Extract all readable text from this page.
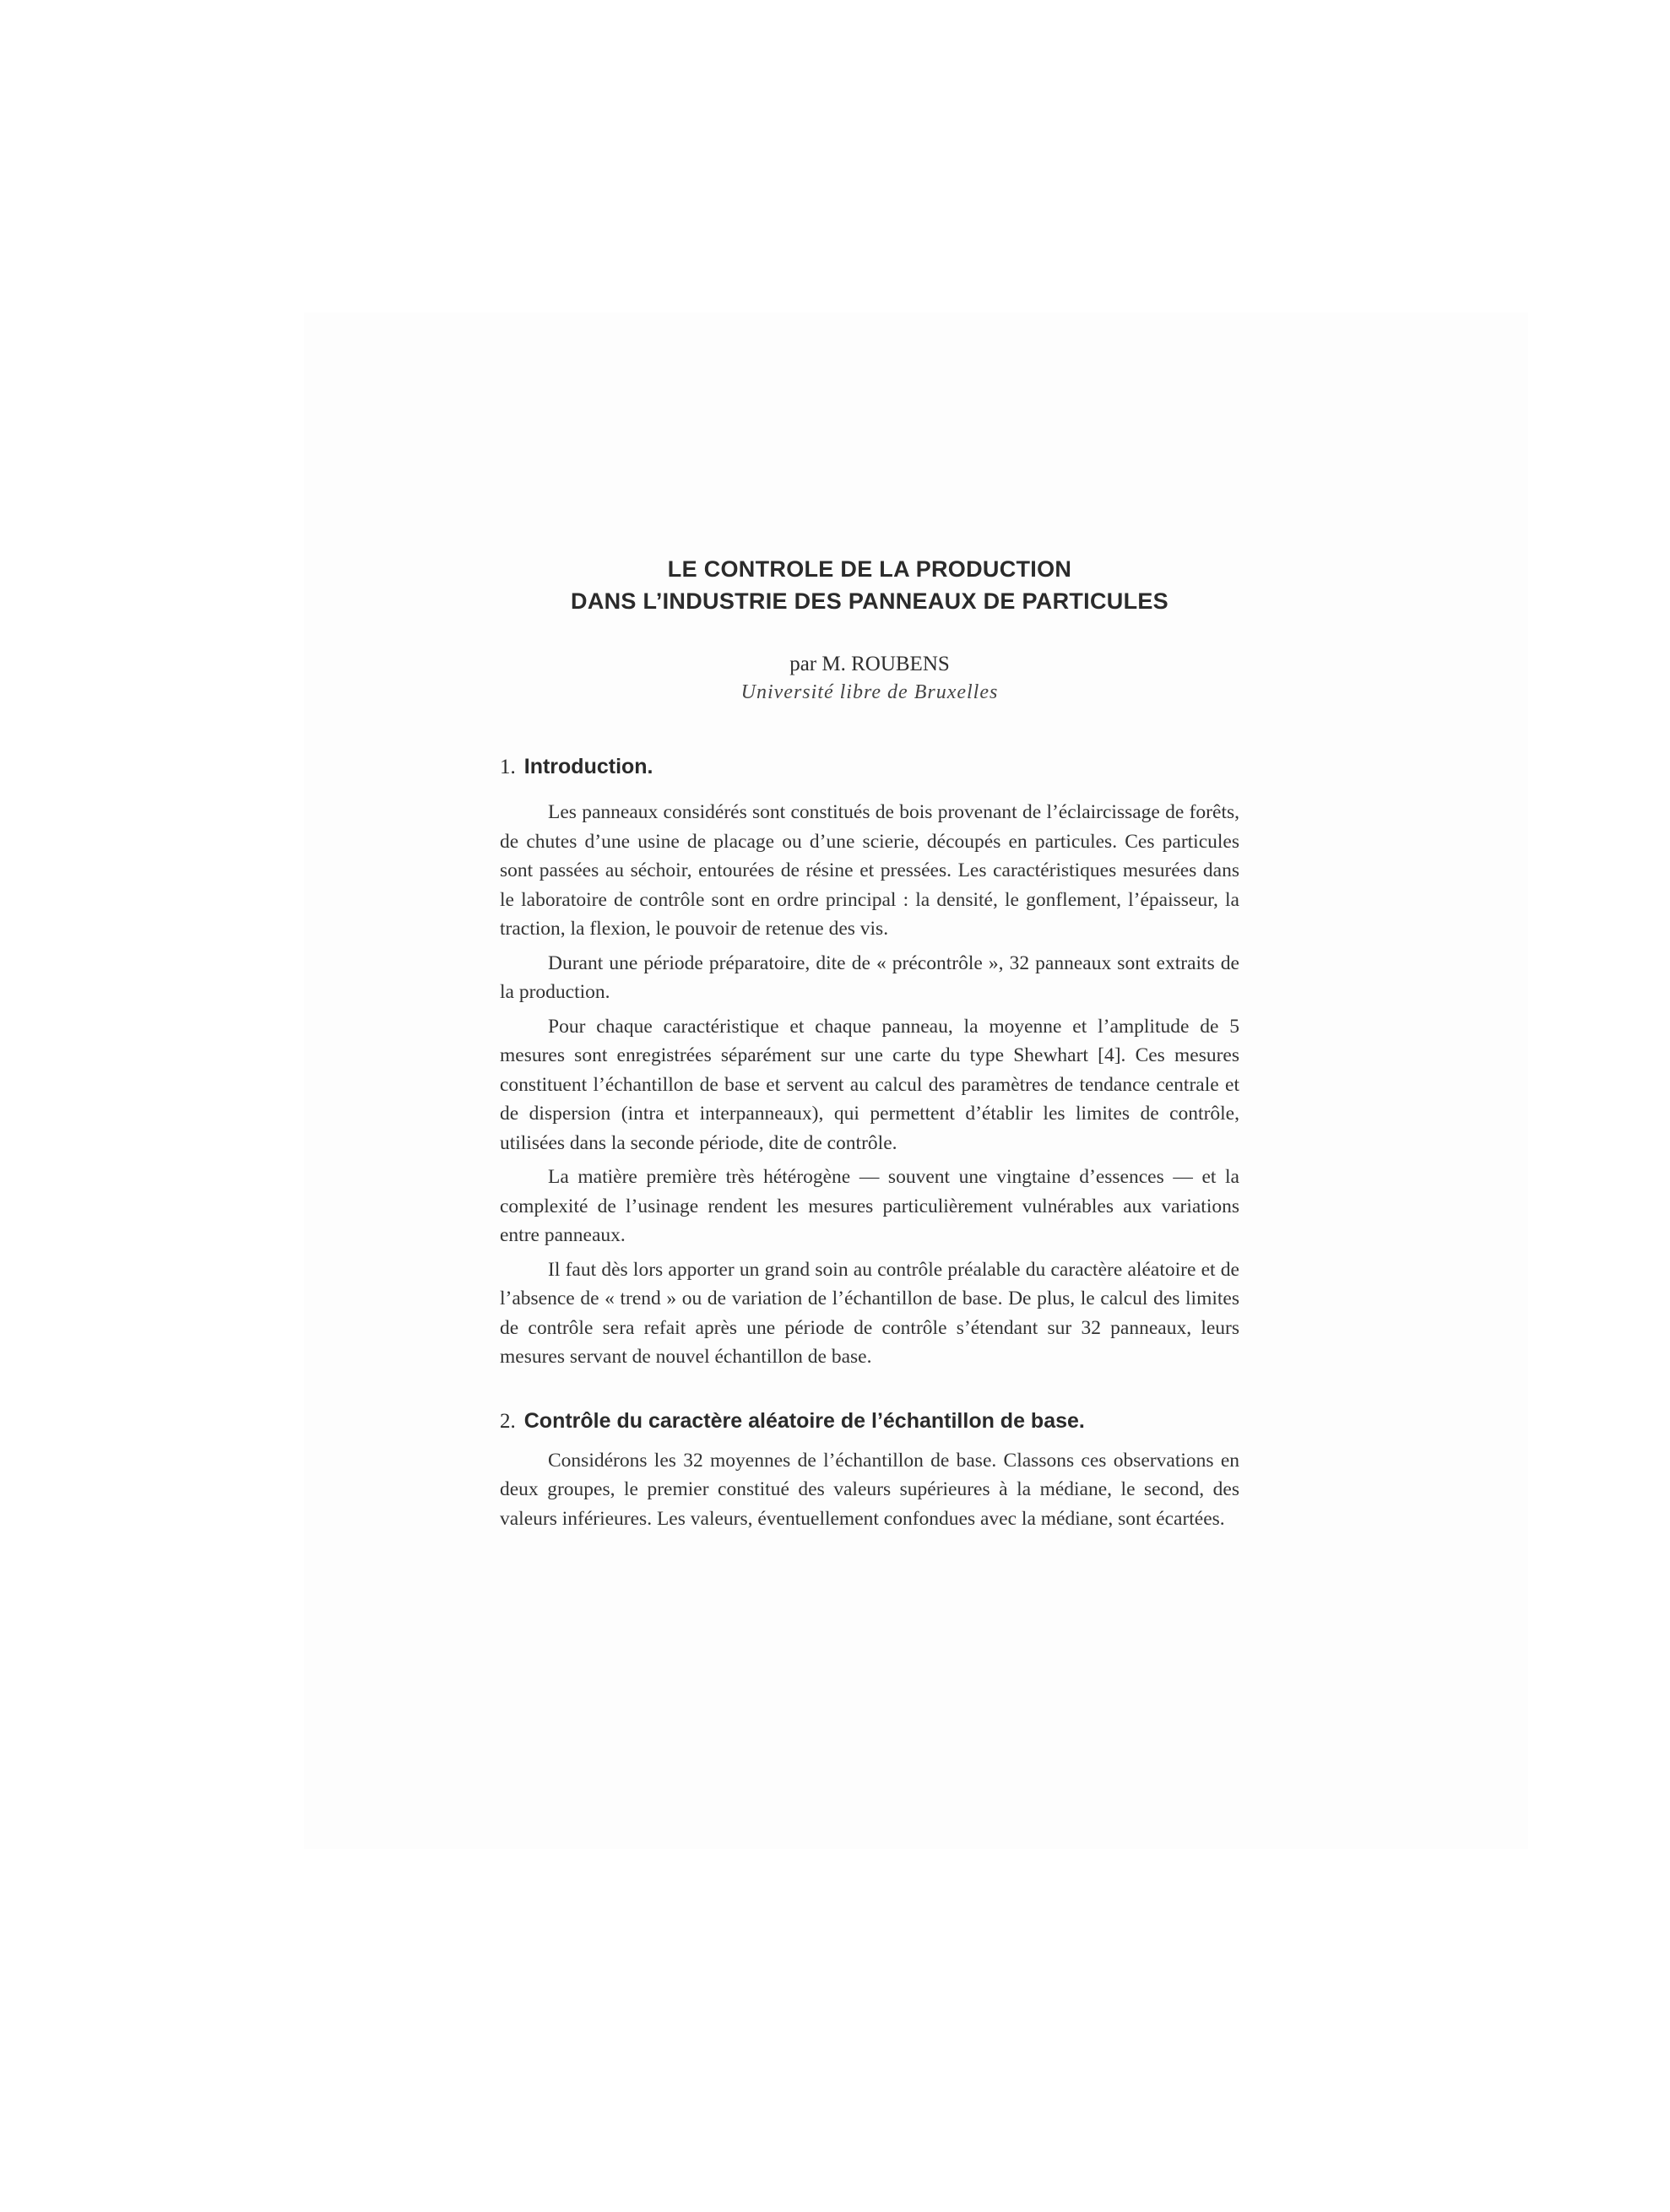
LE CONTROLE DE LA PRODUCTION

DANS L’INDUSTRIE DES PANNEAUX DE PARTICULES

par M. ROUBENS

Université libre de Bruxelles

1. Introduction.

Les panneaux considérés sont constitués de bois provenant de l’éclaircissage de forêts, de chutes d’une usine de placage ou d’une scierie, découpés en particules. Ces particules sont passées au séchoir, entourées de résine et pressées. Les caractéristiques mesurées dans le laboratoire de contrôle sont en ordre principal : la densité, le gonflement, l’épaisseur, la traction, la flexion, le pouvoir de retenue des vis.

Durant une période préparatoire, dite de « précontrôle », 32 panneaux sont extraits de la production.

Pour chaque caractéristique et chaque panneau, la moyenne et l’amplitude de 5 mesures sont enregistrées séparément sur une carte du type Shewhart [4]. Ces mesures constituent l’échantillon de base et servent au calcul des paramètres de tendance centrale et de dispersion (intra et interpanneaux), qui permettent d’établir les limites de contrôle, utilisées dans la seconde période, dite de contrôle.

La matière première très hétérogène — souvent une vingtaine d’essences — et la complexité de l’usinage rendent les mesures particulièrement vulnérables aux variations entre panneaux.

Il faut dès lors apporter un grand soin au contrôle préalable du caractère aléatoire et de l’absence de « trend » ou de variation de l’échantillon de base. De plus, le calcul des limites de contrôle sera refait après une période de contrôle s’étendant sur 32 panneaux, leurs mesures servant de nouvel échantillon de base.

2. Contrôle du caractère aléatoire de l’échantillon de base.

Considérons les 32 moyennes de l’échantillon de base. Classons ces observations en deux groupes, le premier constitué des valeurs supérieures à la médiane, le second, des valeurs inférieures. Les valeurs, éventuellement confondues avec la médiane, sont écartées.
